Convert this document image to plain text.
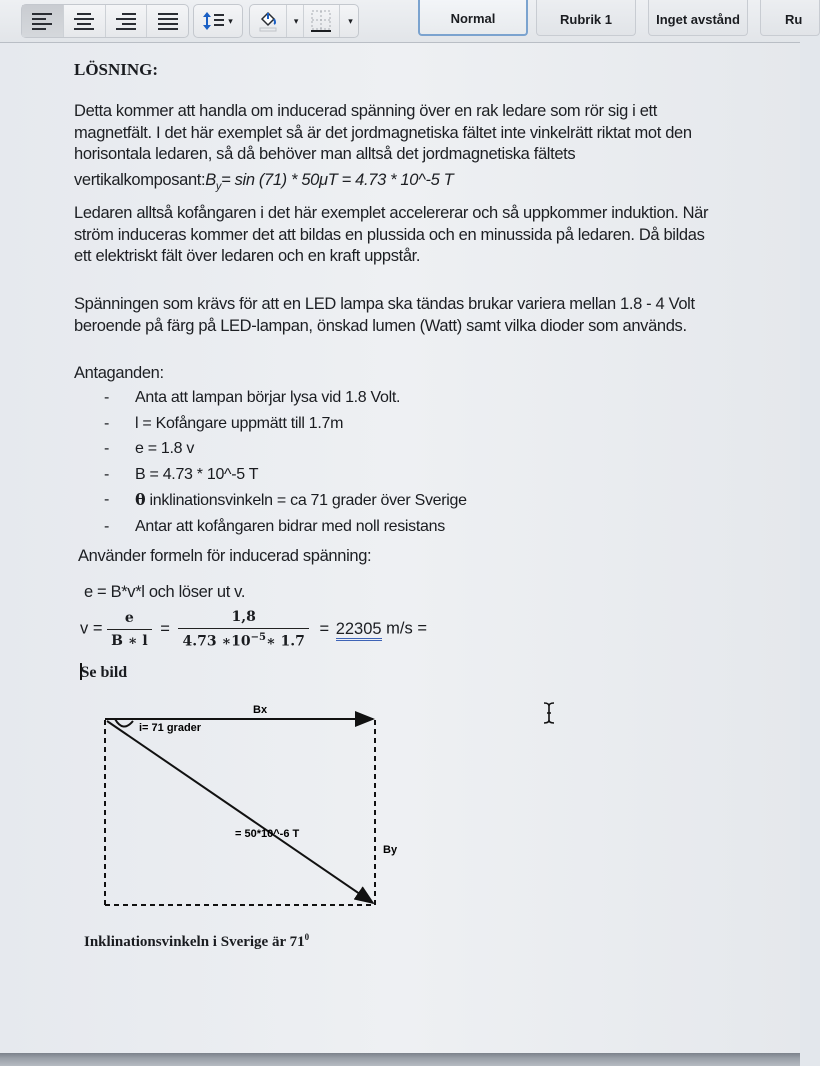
▾	▾	▾	Normal	Rubrik 1	Inget avstånd	Ru
LÖSNING:
Detta kommer att handla om inducerad spänning över en rak ledare som rör sig i ett
magnetfält. I det här exemplet så är det jordmagnetiska fältet inte vinkelrätt riktat mot den
horisontala ledaren, så då behöver man alltså det jordmagnetiska fältets
$vertikalkomposant:B_y= \sin (71) * 50\mu T = 4.73$ * 10^-5 T
Ledaren alltså kofångaren i det här exemplet accelererar och så uppkommer induktion. När
ström induceras kommer det att bildas en plussida och en minussida på ledaren. Då bildas
ett elektriskt fält över ledaren och en kraft uppstår.
Spänningen som krävs för att en LED lampa ska tändas brukar variera mellan 1.8 - 4 Volt
beroende på färg på LED-lampan, önskad lumen (Watt) samt vilka dioder som används.
Antaganden:
-	Anta att lampan börjar lysa vid 1.8 Volt.
-	l = Kofångare uppmätt till 1.7m
-	e = 1.8 v
-	B = 4.73 * 10^-5 T
-	θ inklinationsvinkeln = ca 71 grader över Sverige
-	Antar att kofångaren bidrar med noll resistans
Använder formeln för inducerad spänning:
e = B*v*l och löser ut v.
$v = \frac{e}{B ∗ l} = \frac{1,8}{4.73 ∗10^{-5}∗ 1.7} = 22305$ m/s =
Se bild
Bx
i= 71 grader
= 50*10^-6 T
By
Inklinationsvinkeln i Sverige är $71^0$
